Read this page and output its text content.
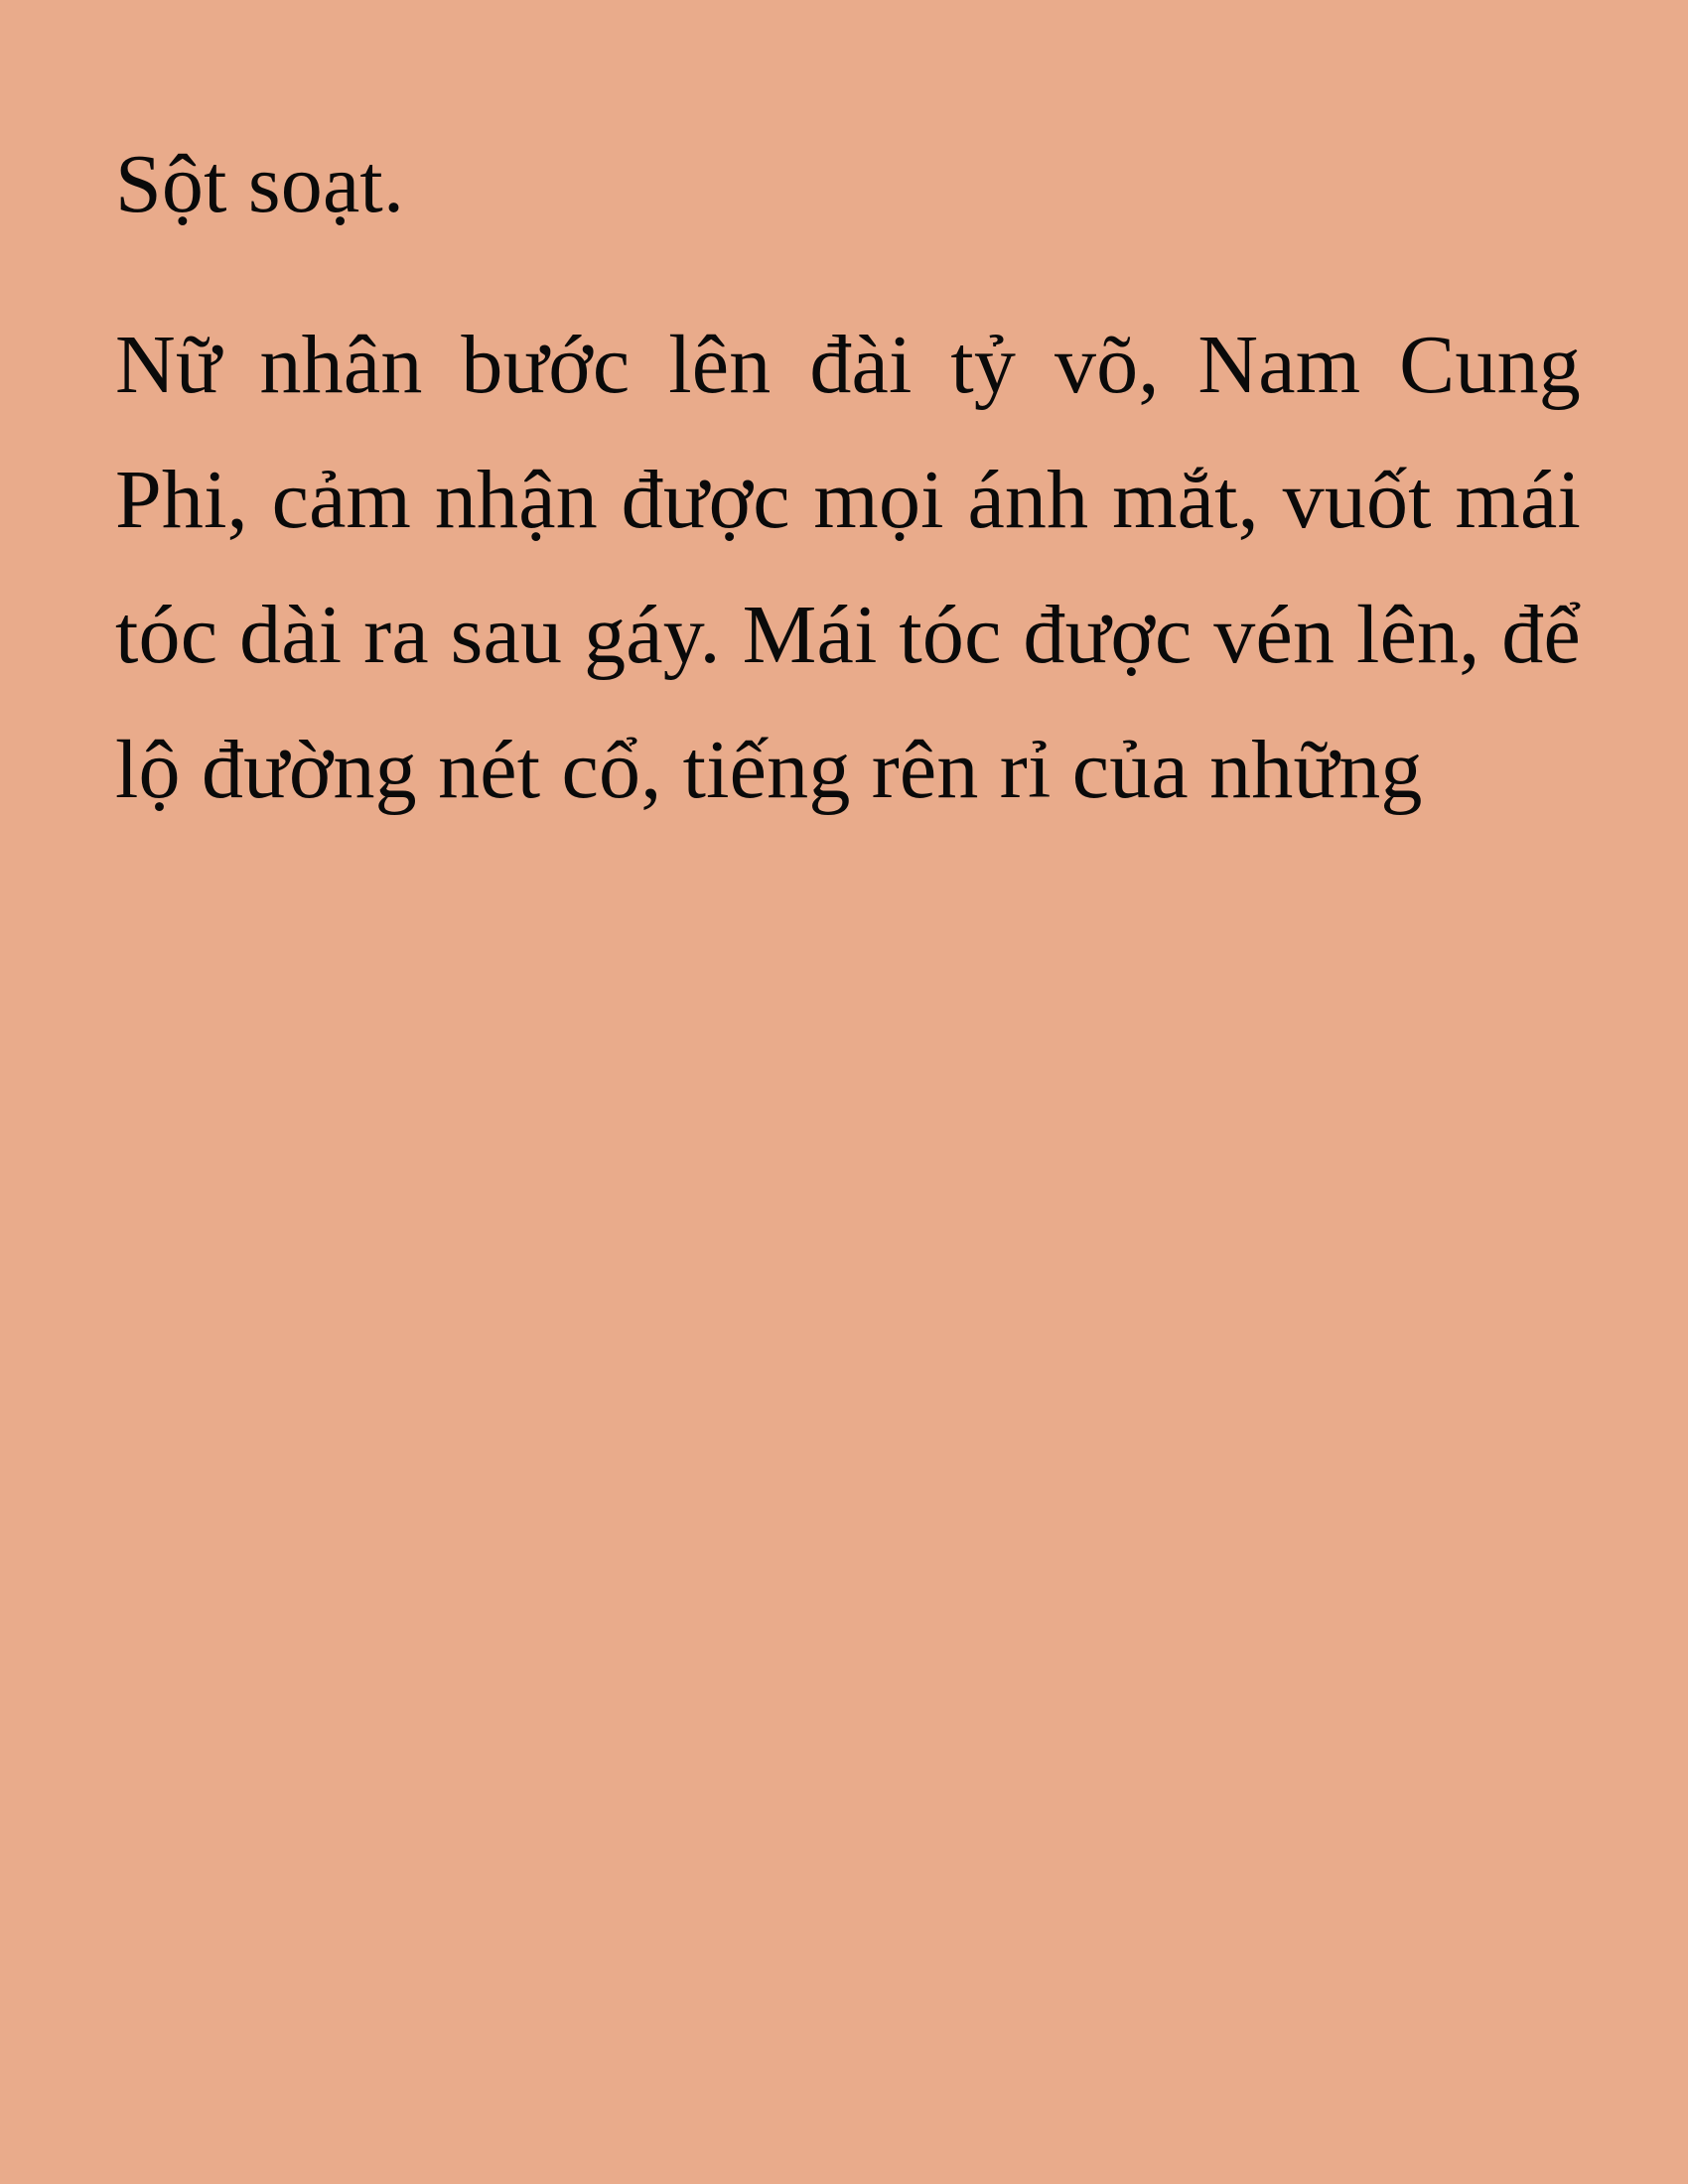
Sột soạt.

Nữ nhân bước lên đài tỷ võ, Nam Cung Phi, cảm nhận được mọi ánh mắt, vuốt mái tóc dài ra sau gáy. Mái tóc được vén lên, để lộ đường nét cổ, tiếng rên rỉ của những
